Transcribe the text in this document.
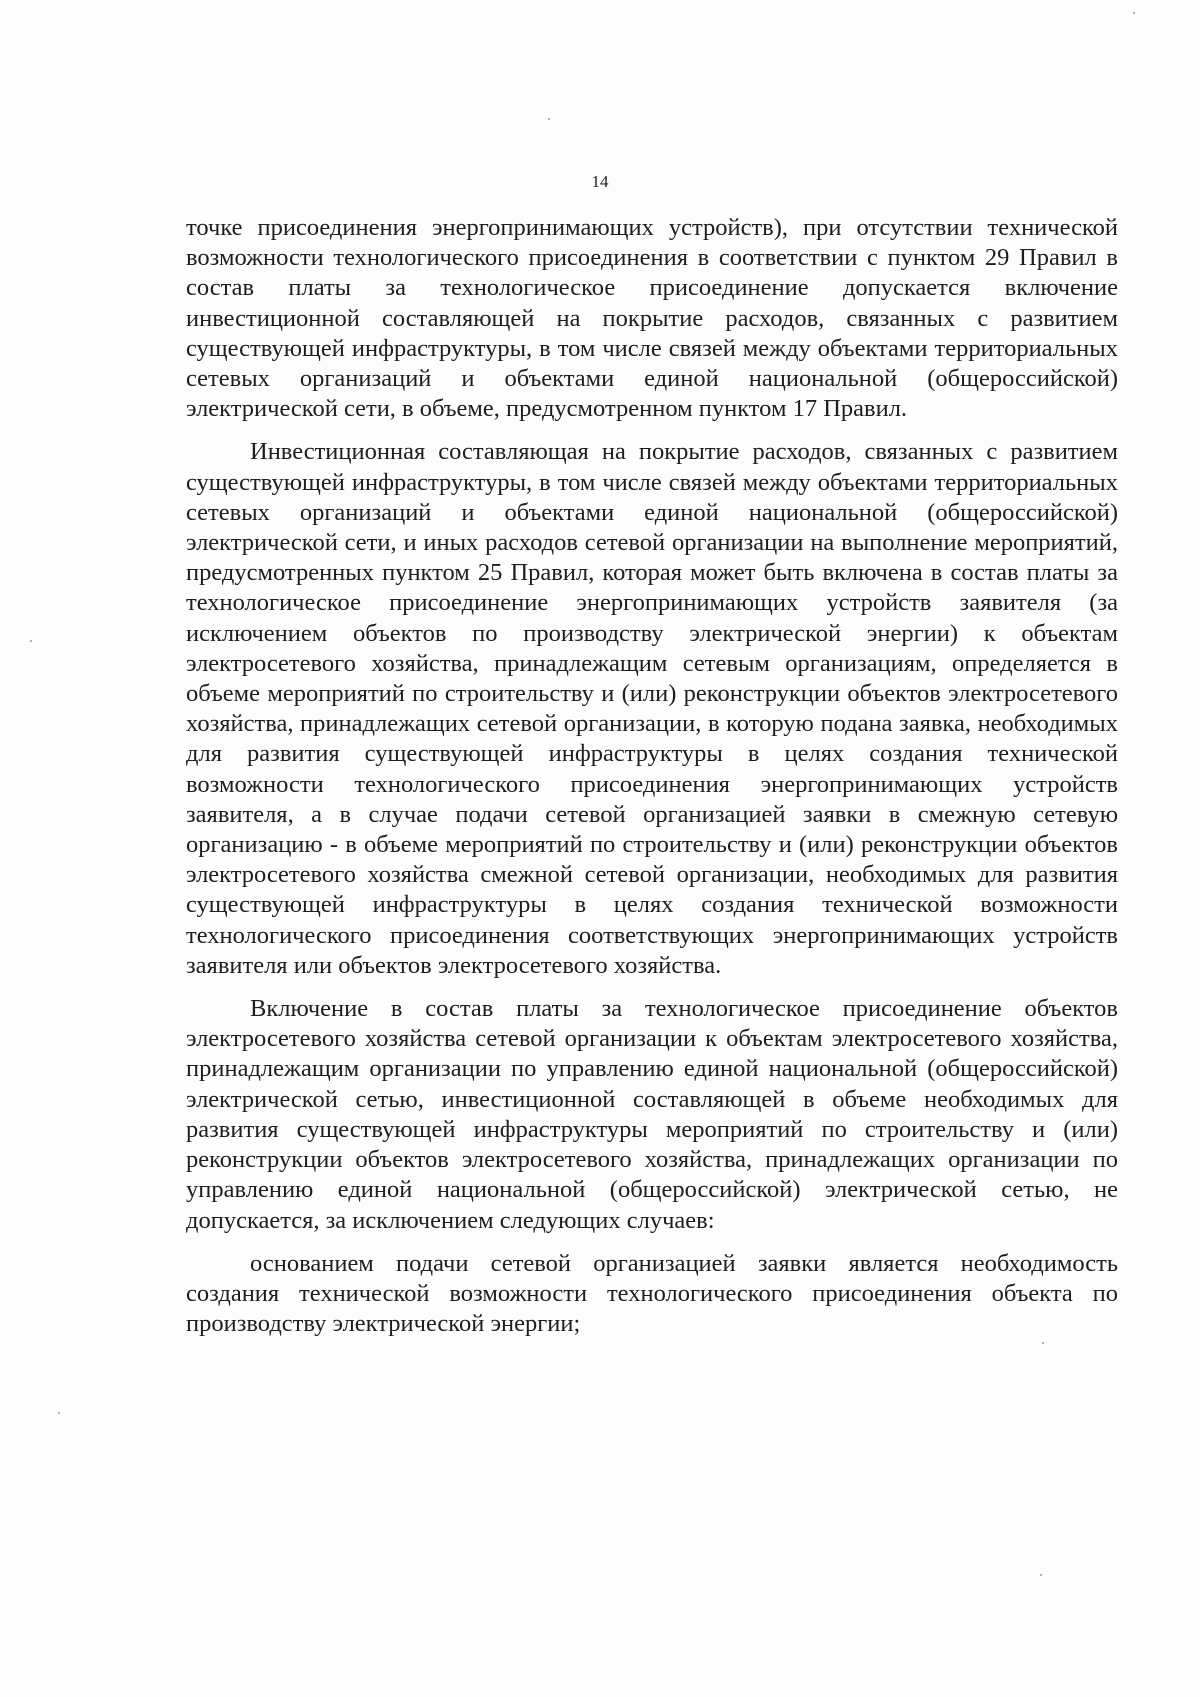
14

точке присоединения энергопринимающих устройств), при отсутствии технической возможности технологического присоединения в соответствии с пунктом 29 Правил в состав платы за технологическое присоединение допускается включение инвестиционной составляющей на покрытие расходов, связанных с развитием существующей инфраструктуры, в том числе связей между объектами территориальных сетевых организаций и объектами единой национальной (общероссийской) электрической сети, в объеме, предусмотренном пунктом 17 Правил.

Инвестиционная составляющая на покрытие расходов, связанных с развитием существующей инфраструктуры, в том числе связей между объектами территориальных сетевых организаций и объектами единой национальной (общероссийской) электрической сети, и иных расходов сетевой организации на выполнение мероприятий, предусмотренных пунктом 25 Правил, которая может быть включена в состав платы за технологическое присоединение энергопринимающих устройств заявителя (за исключением объектов по производству электрической энергии) к объектам электросетевого хозяйства, принадлежащим сетевым организациям, определяется в объеме мероприятий по строительству и (или) реконструкции объектов электросетевого хозяйства, принадлежащих сетевой организации, в которую подана заявка, необходимых для развития существующей инфраструктуры в целях создания технической возможности технологического присоединения энергопринимающих устройств заявителя, а в случае подачи сетевой организацией заявки в смежную сетевую организацию - в объеме мероприятий по строительству и (или) реконструкции объектов электросетевого хозяйства смежной сетевой организации, необходимых для развития существующей инфраструктуры в целях создания технической возможности технологического присоединения соответствующих энергопринимающих устройств заявителя или объектов электросетевого хозяйства.

Включение в состав платы за технологическое присоединение объектов электросетевого хозяйства сетевой организации к объектам электросетевого хозяйства, принадлежащим организации по управлению единой национальной (общероссийской) электрической сетью, инвестиционной составляющей в объеме необходимых для развития существующей инфраструктуры мероприятий по строительству и (или) реконструкции объектов электросетевого хозяйства, принадлежащих организации по управлению единой национальной (общероссийской) электрической сетью, не допускается, за исключением следующих случаев:

основанием подачи сетевой организацией заявки является необходимость создания технической возможности технологического присоединения объекта по производству электрической энергии;
